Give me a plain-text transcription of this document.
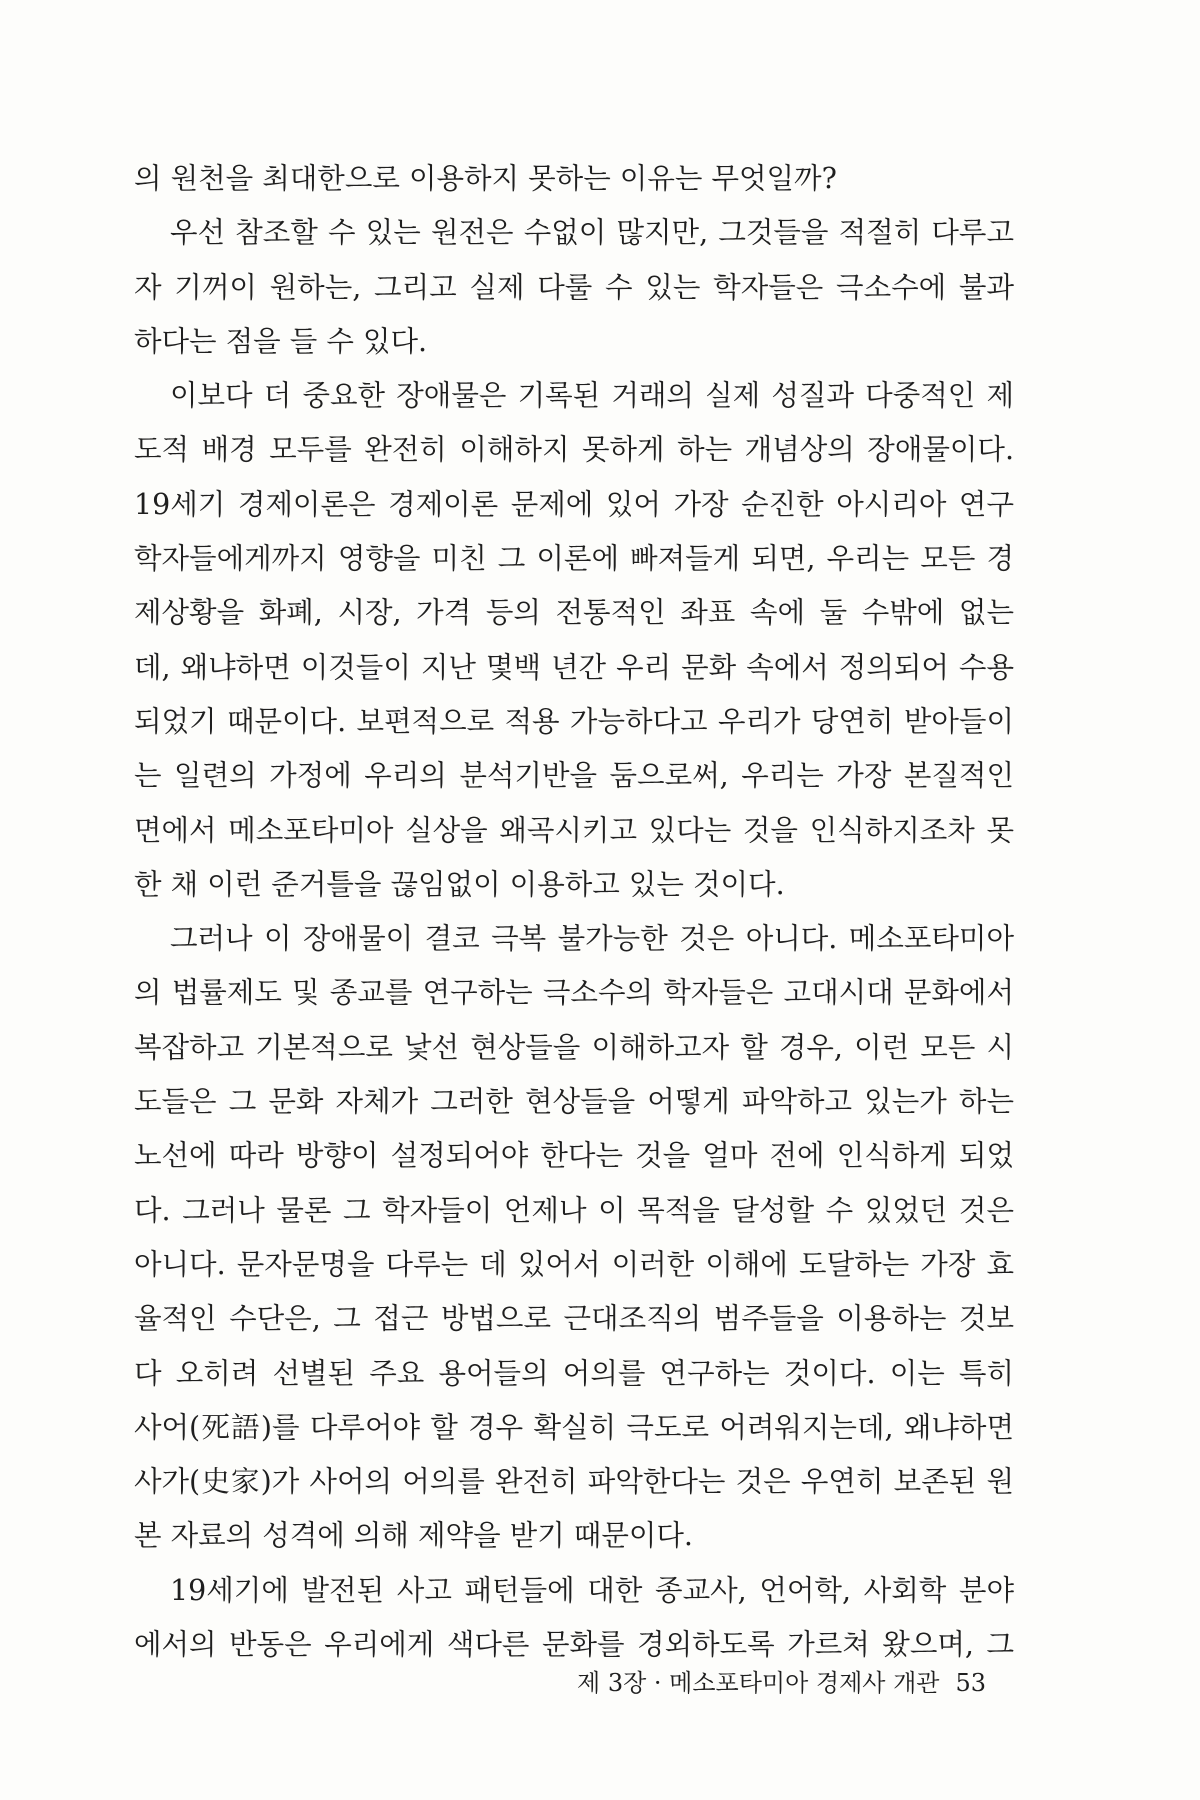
의 원천을 최대한으로 이용하지 못하는 이유는 무엇일까?
우선 참조할 수 있는 원전은 수없이 많지만, 그것들을 적절히 다루고
자 기꺼이 원하는, 그리고 실제 다룰 수 있는 학자들은 극소수에 불과
하다는 점을 들 수 있다.
이보다 더 중요한 장애물은 기록된 거래의 실제 성질과 다중적인 제
도적 배경 모두를 완전히 이해하지 못하게 하는 개념상의 장애물이다.
19세기 경제이론은 경제이론 문제에 있어 가장 순진한 아시리아 연구
학자들에게까지 영향을 미친 그 이론에 빠져들게 되면, 우리는 모든 경
제상황을 화폐, 시장, 가격 등의 전통적인 좌표 속에 둘 수밖에 없는
데, 왜냐하면 이것들이 지난 몇백 년간 우리 문화 속에서 정의되어 수용
되었기 때문이다. 보편적으로 적용 가능하다고 우리가 당연히 받아들이
는 일련의 가정에 우리의 분석기반을 둠으로써, 우리는 가장 본질적인
면에서 메소포타미아 실상을 왜곡시키고 있다는 것을 인식하지조차 못
한 채 이런 준거틀을 끊임없이 이용하고 있는 것이다.
그러나 이 장애물이 결코 극복 불가능한 것은 아니다. 메소포타미아
의 법률제도 및 종교를 연구하는 극소수의 학자들은 고대시대 문화에서
복잡하고 기본적으로 낯선 현상들을 이해하고자 할 경우, 이런 모든 시
도들은 그 문화 자체가 그러한 현상들을 어떻게 파악하고 있는가 하는
노선에 따라 방향이 설정되어야 한다는 것을 얼마 전에 인식하게 되었
다. 그러나 물론 그 학자들이 언제나 이 목적을 달성할 수 있었던 것은
아니다. 문자문명을 다루는 데 있어서 이러한 이해에 도달하는 가장 효
율적인 수단은, 그 접근 방법으로 근대조직의 범주들을 이용하는 것보
다 오히려 선별된 주요 용어들의 어의를 연구하는 것이다. 이는 특히
사어(死語)를 다루어야 할 경우 확실히 극도로 어려워지는데, 왜냐하면
사가(史家)가 사어의 어의를 완전히 파악한다는 것은 우연히 보존된 원
본 자료의 성격에 의해 제약을 받기 때문이다.
19세기에 발전된 사고 패턴들에 대한 종교사, 언어학, 사회학 분야
에서의 반동은 우리에게 색다른 문화를 경외하도록 가르쳐 왔으며, 그
제 3장 · 메소포타미아 경제사 개관 53
